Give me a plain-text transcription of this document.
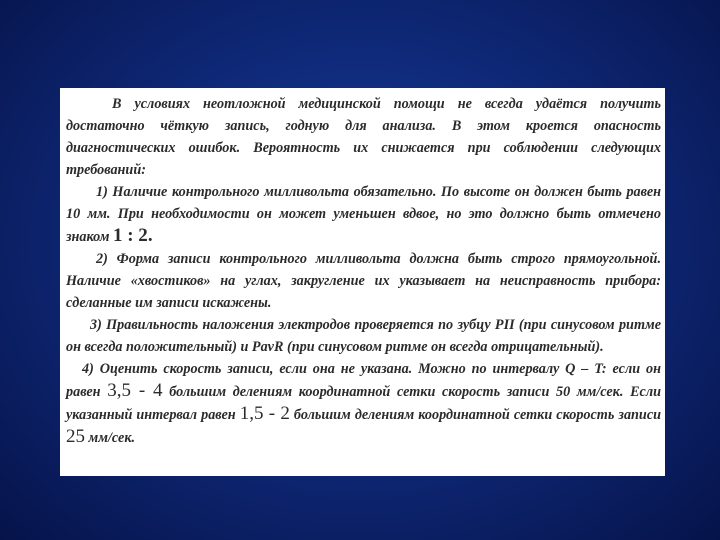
В условиях неотложной медицинской помощи не всегда удаётся получить достаточно чёткую запись, годную для анализа. В этом кроется опасность диагностических ошибок. Вероятность их снижается при соблюдении следующих требований:

1) Наличие контрольного милливольта обязательно. По высоте он должен быть равен 10 мм. При необходимости он может уменьшен вдвое, но это должно быть отмечено знаком 1 : 2.

2) Форма записи контрольного милливольта должна быть строго прямоугольной. Наличие «хвостиков» на углах, закругление их указывает на неисправность прибора: сделанные им записи искажены.

3) Правильность наложения электродов проверяется по зубцу PII (при синусовом ритме он всегда положительный) и PavR (при синусовом ритме он всегда отрицательный).

4) Оценить скорость записи, если она не указана. Можно по интервалу Q – T: если он равен 3,5 - 4 большим делениям координатной сетки скорость записи 50 мм/сек. Если указанный интервал равен 1,5 - 2 большим делениям координатной сетки скорость записи 25 мм/сек.
